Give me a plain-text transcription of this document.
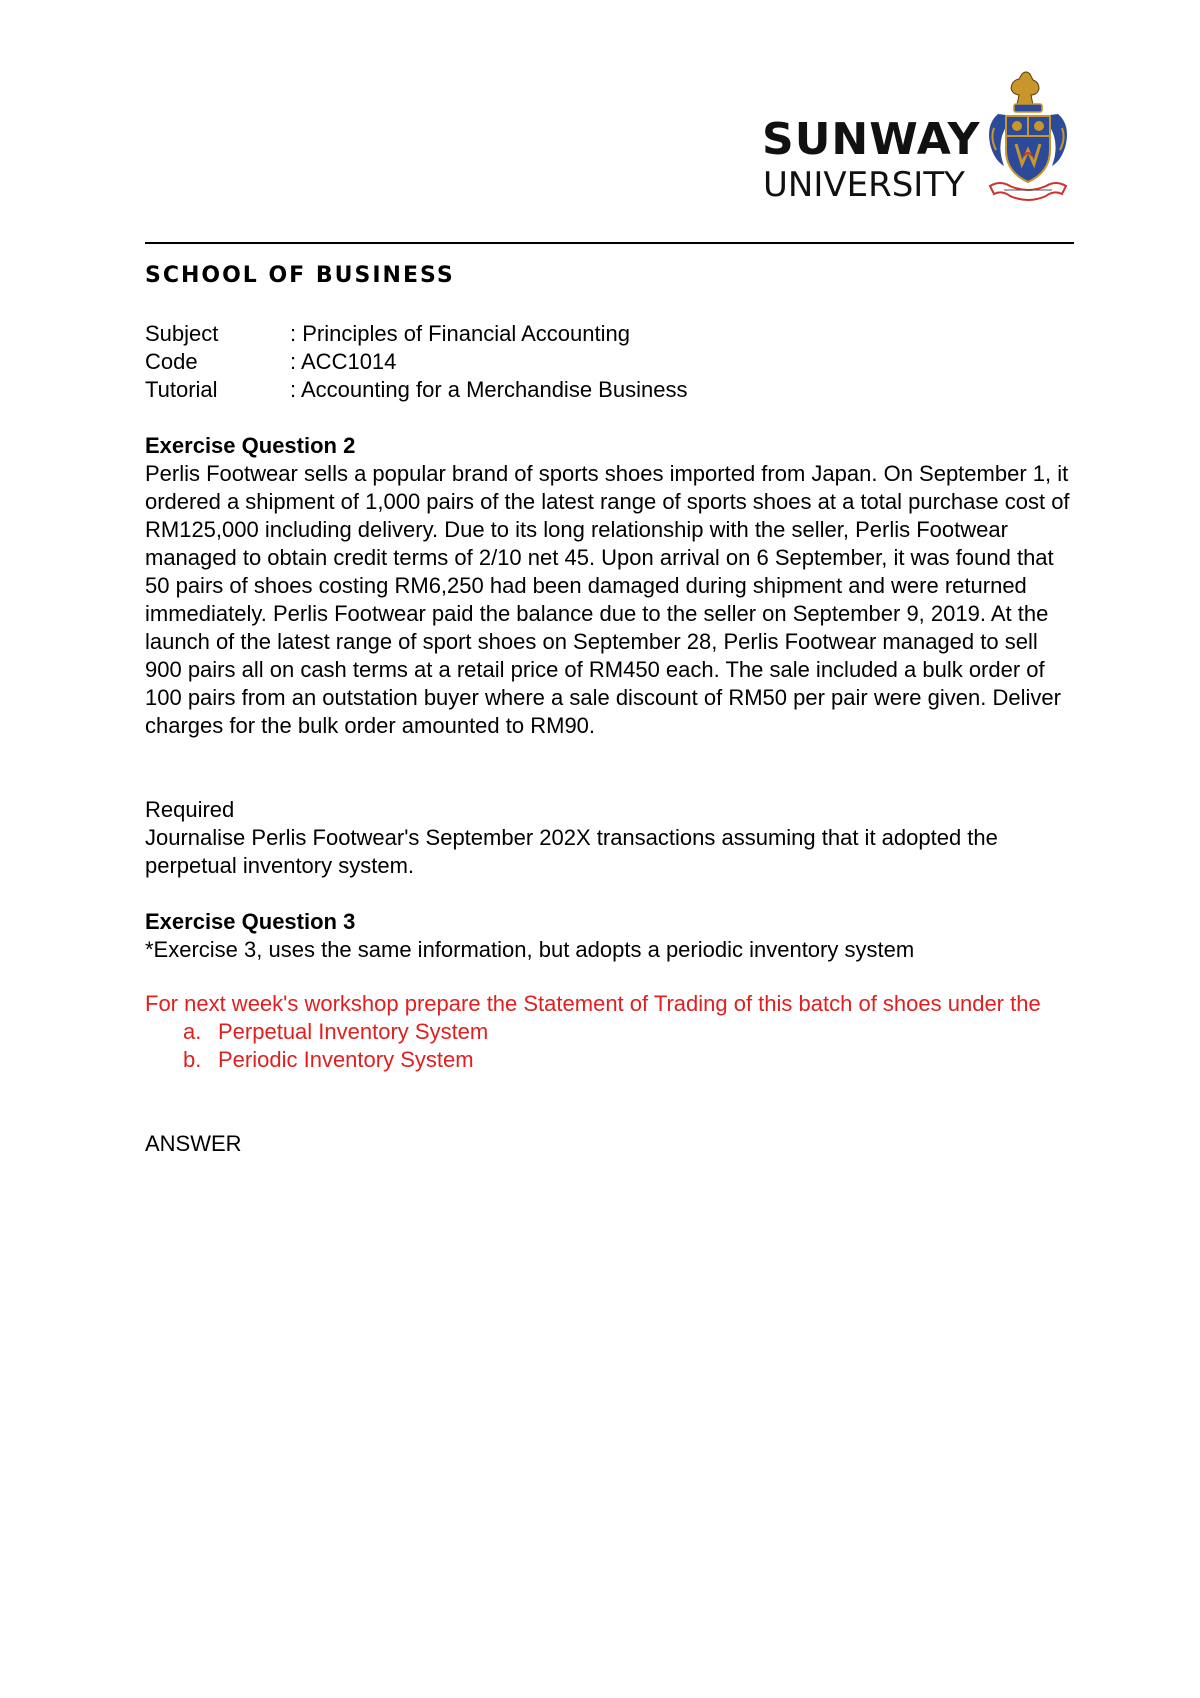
SUNWAY
UNIVERSITY
SCHOOL OF BUSINESS
Subject	: Principles of Financial Accounting
Code	: ACC1014
Tutorial	: Accounting for a Merchandise Business
Exercise Question 2

Perlis Footwear sells a popular brand of sports shoes imported from Japan. On September 1, it ordered a shipment of 1,000 pairs of the latest range of sports shoes at a total purchase cost of RM125,000 including delivery. Due to its long relationship with the seller, Perlis Footwear managed to obtain credit terms of 2/10 net 45. Upon arrival on 6 September, it was found that 50 pairs of shoes costing RM6,250 had been damaged during shipment and were returned immediately. Perlis Footwear paid the balance due to the seller on September 9, 2019. At the launch of the latest range of sport shoes on September 28, Perlis Footwear managed to sell 900 pairs all on cash terms at a retail price of RM450 each. The sale included a bulk order of 100 pairs from an outstation buyer where a sale discount of RM50 per pair were given. Deliver charges for the bulk order amounted to RM90.

Required

Journalise Perlis Footwear's September 202X transactions assuming that it adopted the perpetual inventory system.

Exercise Question 3

*Exercise 3, uses the same information, but adopts a periodic inventory system

For next week's workshop prepare the Statement of Trading of this batch of shoes under the

a. Perpetual Inventory System
b. Periodic Inventory System
ANSWER
